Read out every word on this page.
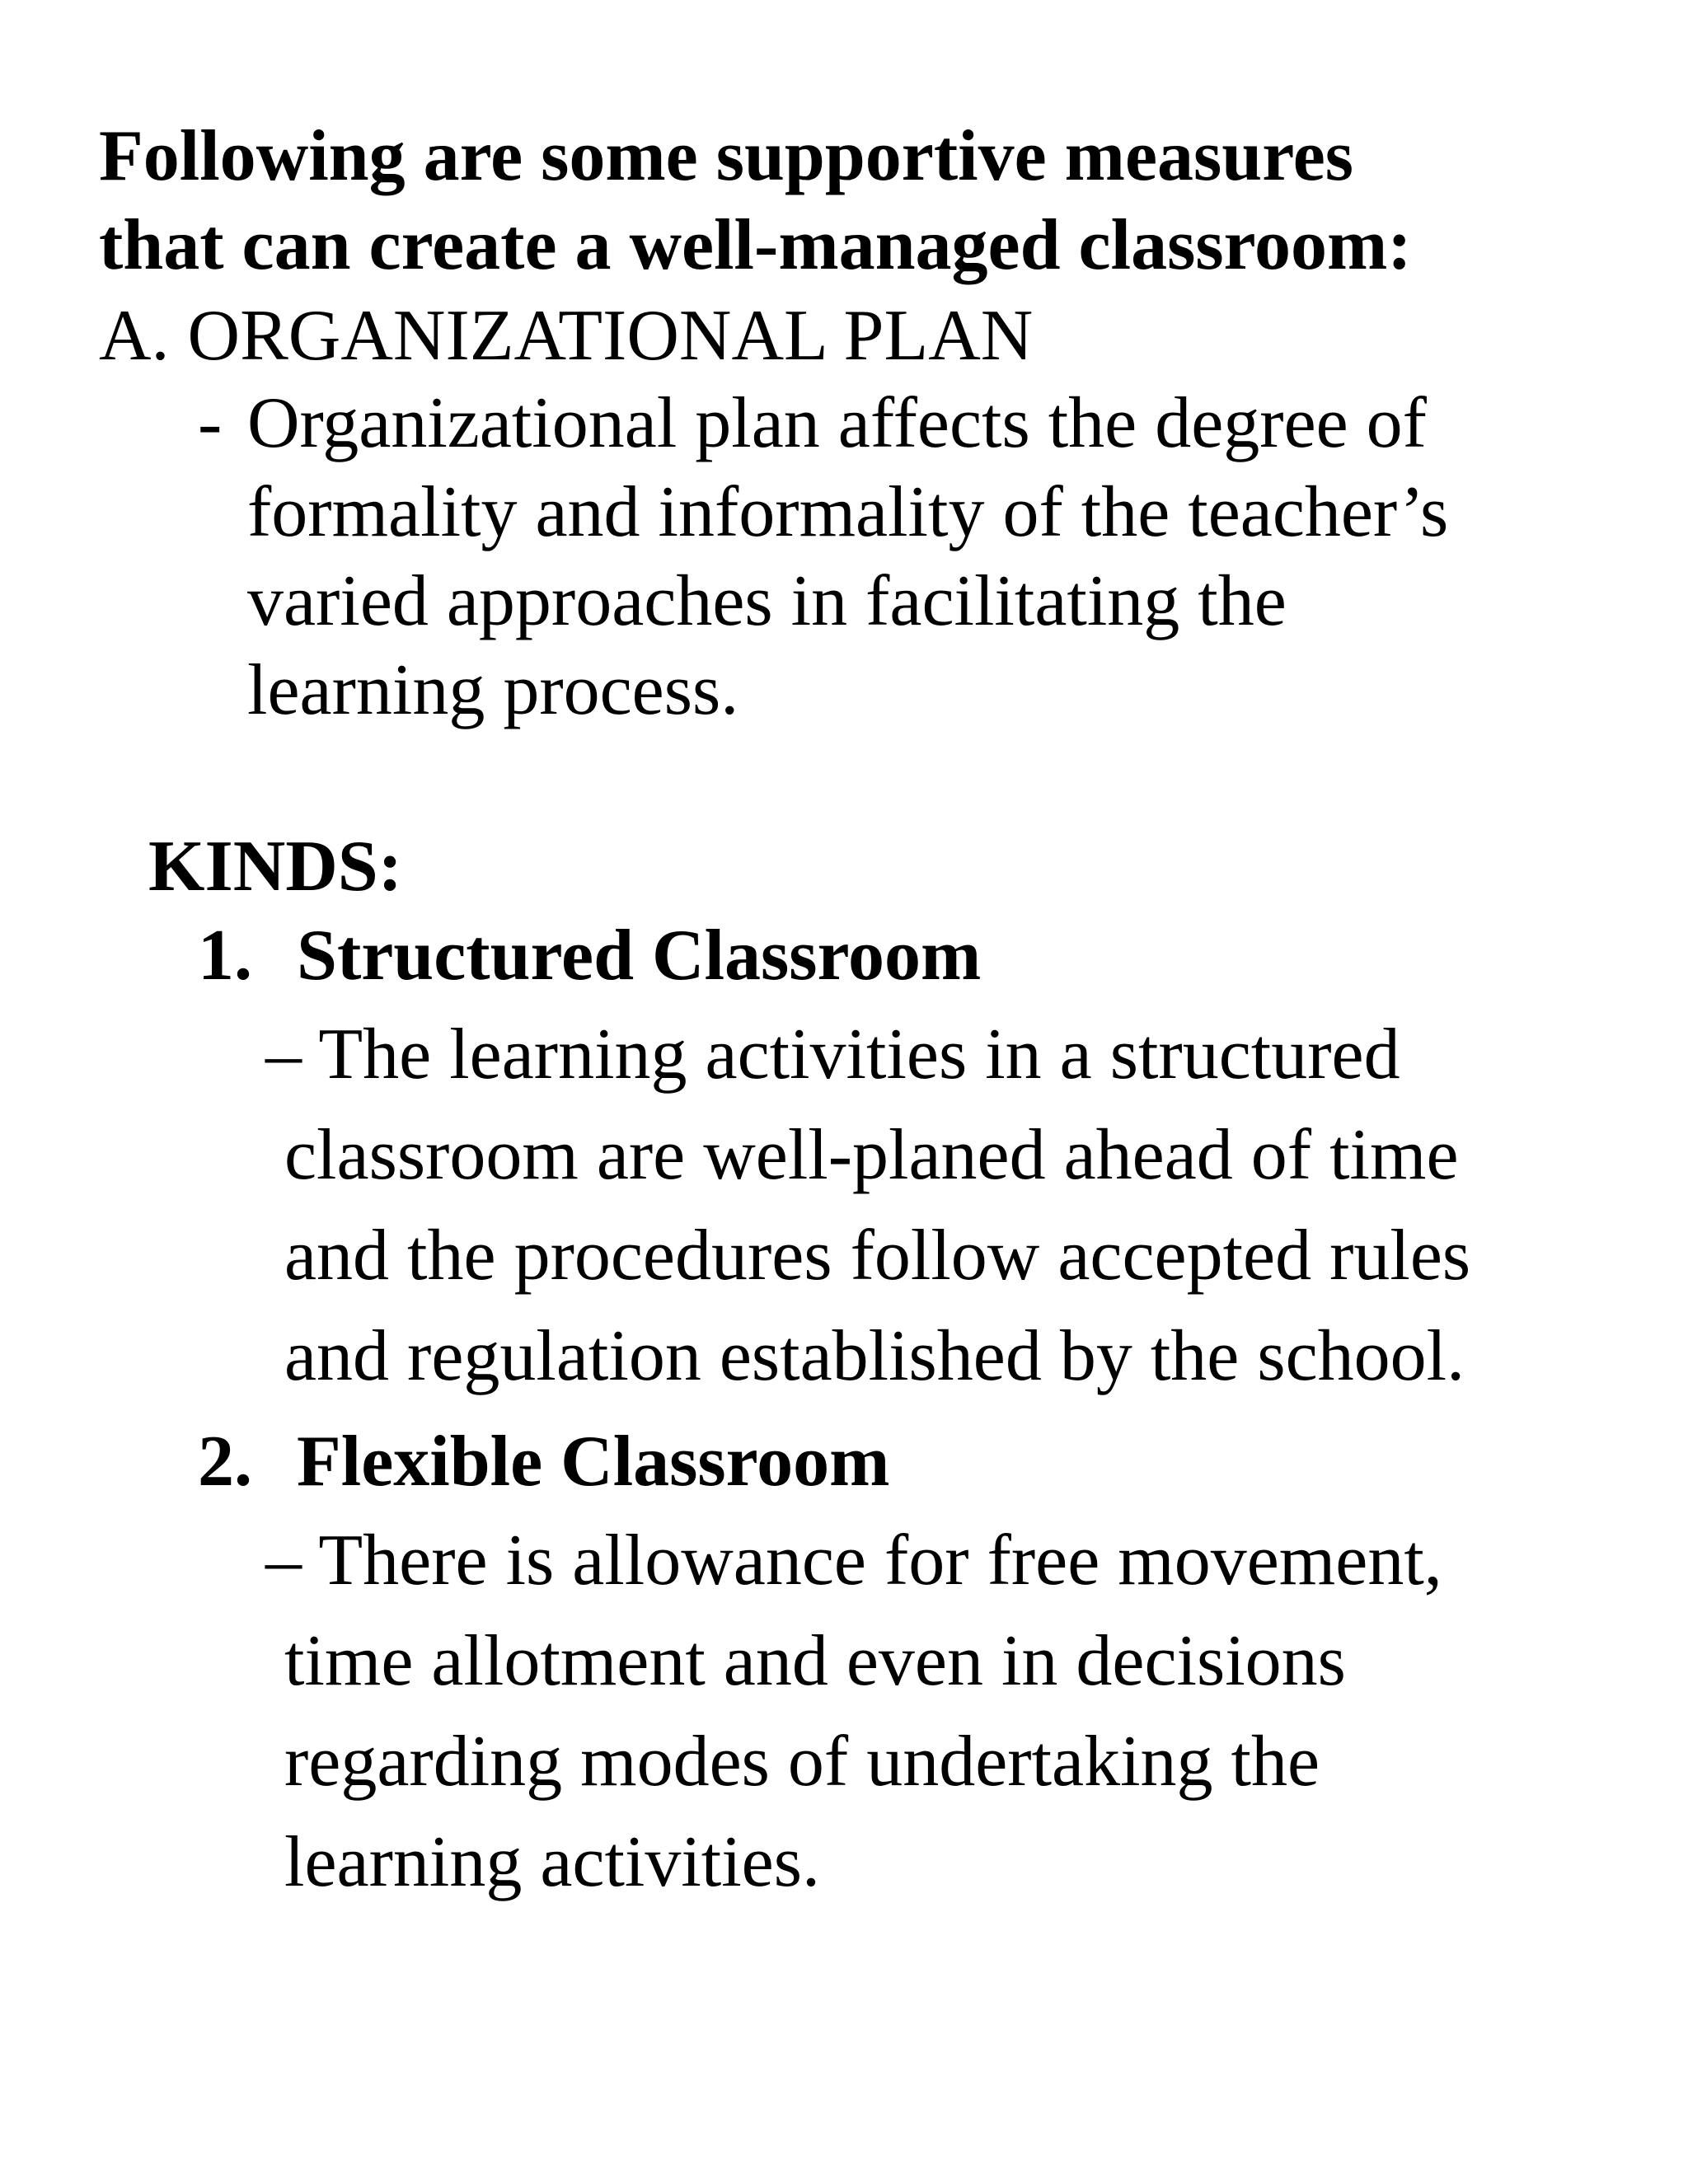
Following are some supportive measures
that can create a well-managed classroom:
A. ORGANIZATIONAL PLAN
- Organizational plan affects the degree of
formality and informality of the teacher’s
varied approaches in facilitating the
learning process.
KINDS:
1. Structured Classroom
– The learning activities in a structured
classroom are well-planed ahead of time
and the procedures follow accepted rules
and regulation established by the school.
2. Flexible Classroom
– There is allowance for free movement,
time allotment and even in decisions
regarding modes of undertaking the
learning activities.
